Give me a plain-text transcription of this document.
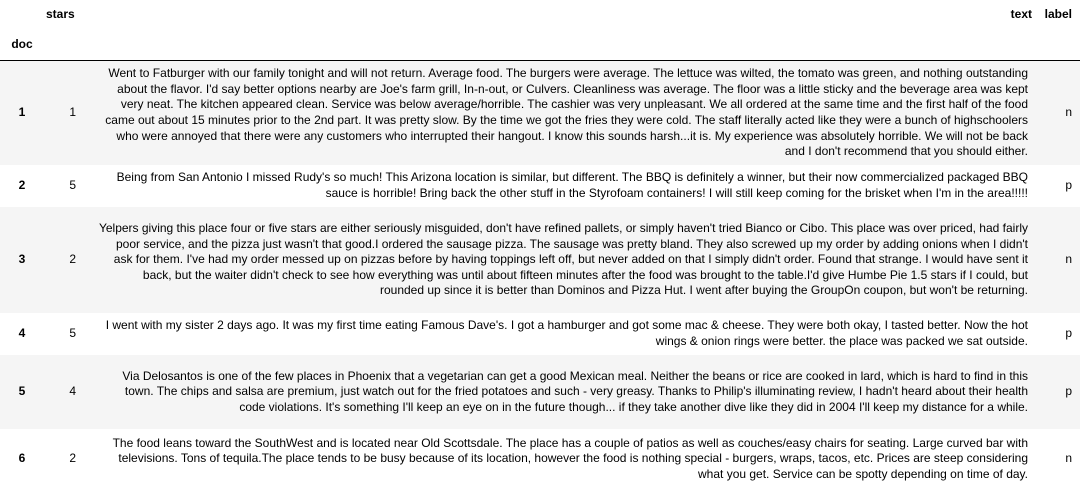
	stars	text	label
doc			
1	1	Went to Fatburger with our family tonight and will not return. Average food. The burgers were average. The lettuce was wilted, the tomato was green, and nothing outstanding about the flavor. I'd say better options nearby are Joe's farm grill, In-n-out, or Culvers. Cleanliness was average. The floor was a little sticky and the beverage area was kept very neat. The kitchen appeared clean. Service was below average/horrible. The cashier was very unpleasant. We all ordered at the same time and the first half of the food came out about 15 minutes prior to the 2nd part. It was pretty slow. By the time we got the fries they were cold. The staff literally acted like they were a bunch of highschoolers who were annoyed that there were any customers who interrupted their hangout. I know this sounds harsh...it is. My experience was absolutely horrible. We will not be back and I don't recommend that you should either.	n
2	5	Being from San Antonio I missed Rudy's so much! This Arizona location is similar, but different. The BBQ is definitely a winner, but their now commercialized packaged BBQ sauce is horrible! Bring back the other stuff in the Styrofoam containers! I will still keep coming for the brisket when I'm in the area!!!!!	p
3	2	Yelpers giving this place four or five stars are either seriously misguided, don't have refined pallets, or simply haven't tried Bianco or Cibo. This place was over priced, had fairly poor service, and the pizza just wasn't that good.I ordered the sausage pizza. The sausage was pretty bland. They also screwed up my order by adding onions when I didn't ask for them. I've had my order messed up on pizzas before by having toppings left off, but never added on that I simply didn't order. Found that strange. I would have sent it back, but the waiter didn't check to see how everything was until about fifteen minutes after the food was brought to the table.I'd give Humbe Pie 1.5 stars if I could, but rounded up since it is better than Dominos and Pizza Hut. I went after buying the GroupOn coupon, but won't be returning.	n
4	5	I went with my sister 2 days ago. It was my first time eating Famous Dave's. I got a hamburger and got some mac & cheese. They were both okay, I tasted better. Now the hot wings & onion rings were better. the place was packed we sat outside.	p
5	4	Via Delosantos is one of the few places in Phoenix that a vegetarian can get a good Mexican meal. Neither the beans or rice are cooked in lard, which is hard to find in this town. The chips and salsa are premium, just watch out for the fried potatoes and such - very greasy. Thanks to Philip's illuminating review, I hadn't heard about their health code violations. It's something I'll keep an eye on in the future though... if they take another dive like they did in 2004 I'll keep my distance for a while.	p
6	2	The food leans toward the SouthWest and is located near Old Scottsdale. The place has a couple of patios as well as couches/easy chairs for seating. Large curved bar with televisions. Tons of tequila.The place tends to be busy because of its location, however the food is nothing special - burgers, wraps, tacos, etc. Prices are steep considering what you get. Service can be spotty depending on time of day.	n
